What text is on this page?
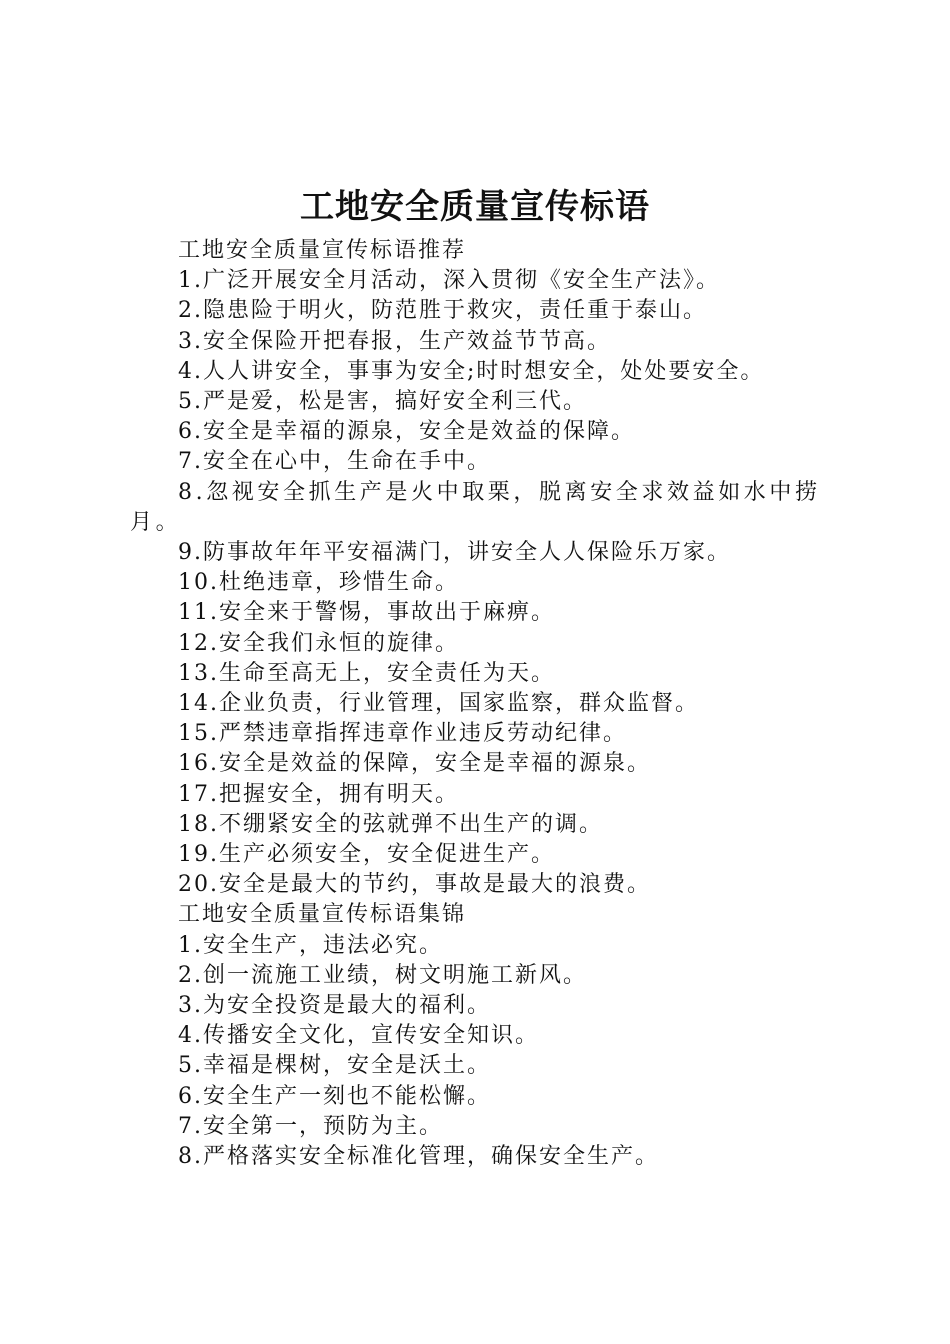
工地安全质量宣传标语

工地安全质量宣传标语推荐

1.广泛开展安全月活动，深入贯彻《安全生产法》。

2.隐患险于明火，防范胜于救灾，责任重于泰山。

3.安全保险开把春报，生产效益节节高。

4.人人讲安全，事事为安全;时时想安全，处处要安全。

5.严是爱，松是害，搞好安全利三代。

6.安全是幸福的源泉，安全是效益的保障。

7.安全在心中，生命在手中。

8.忽视安全抓生产是火中取栗，脱离安全求效益如水中捞月。

9.防事故年年平安福满门，讲安全人人保险乐万家。

10.杜绝违章，珍惜生命。

11.安全来于警惕，事故出于麻痹。

12.安全我们永恒的旋律。

13.生命至高无上，安全责任为天。

14.企业负责，行业管理，国家监察，群众监督。

15.严禁违章指挥违章作业违反劳动纪律。

16.安全是效益的保障，安全是幸福的源泉。

17.把握安全，拥有明天。

18.不绷紧安全的弦就弹不出生产的调。

19.生产必须安全，安全促进生产。

20.安全是最大的节约，事故是最大的浪费。

工地安全质量宣传标语集锦

1.安全生产，违法必究。

2.创一流施工业绩，树文明施工新风。

3.为安全投资是最大的福利。

4.传播安全文化，宣传安全知识。

5.幸福是棵树，安全是沃土。

6.安全生产一刻也不能松懈。

7.安全第一，预防为主。

8.严格落实安全标准化管理，确保安全生产。
